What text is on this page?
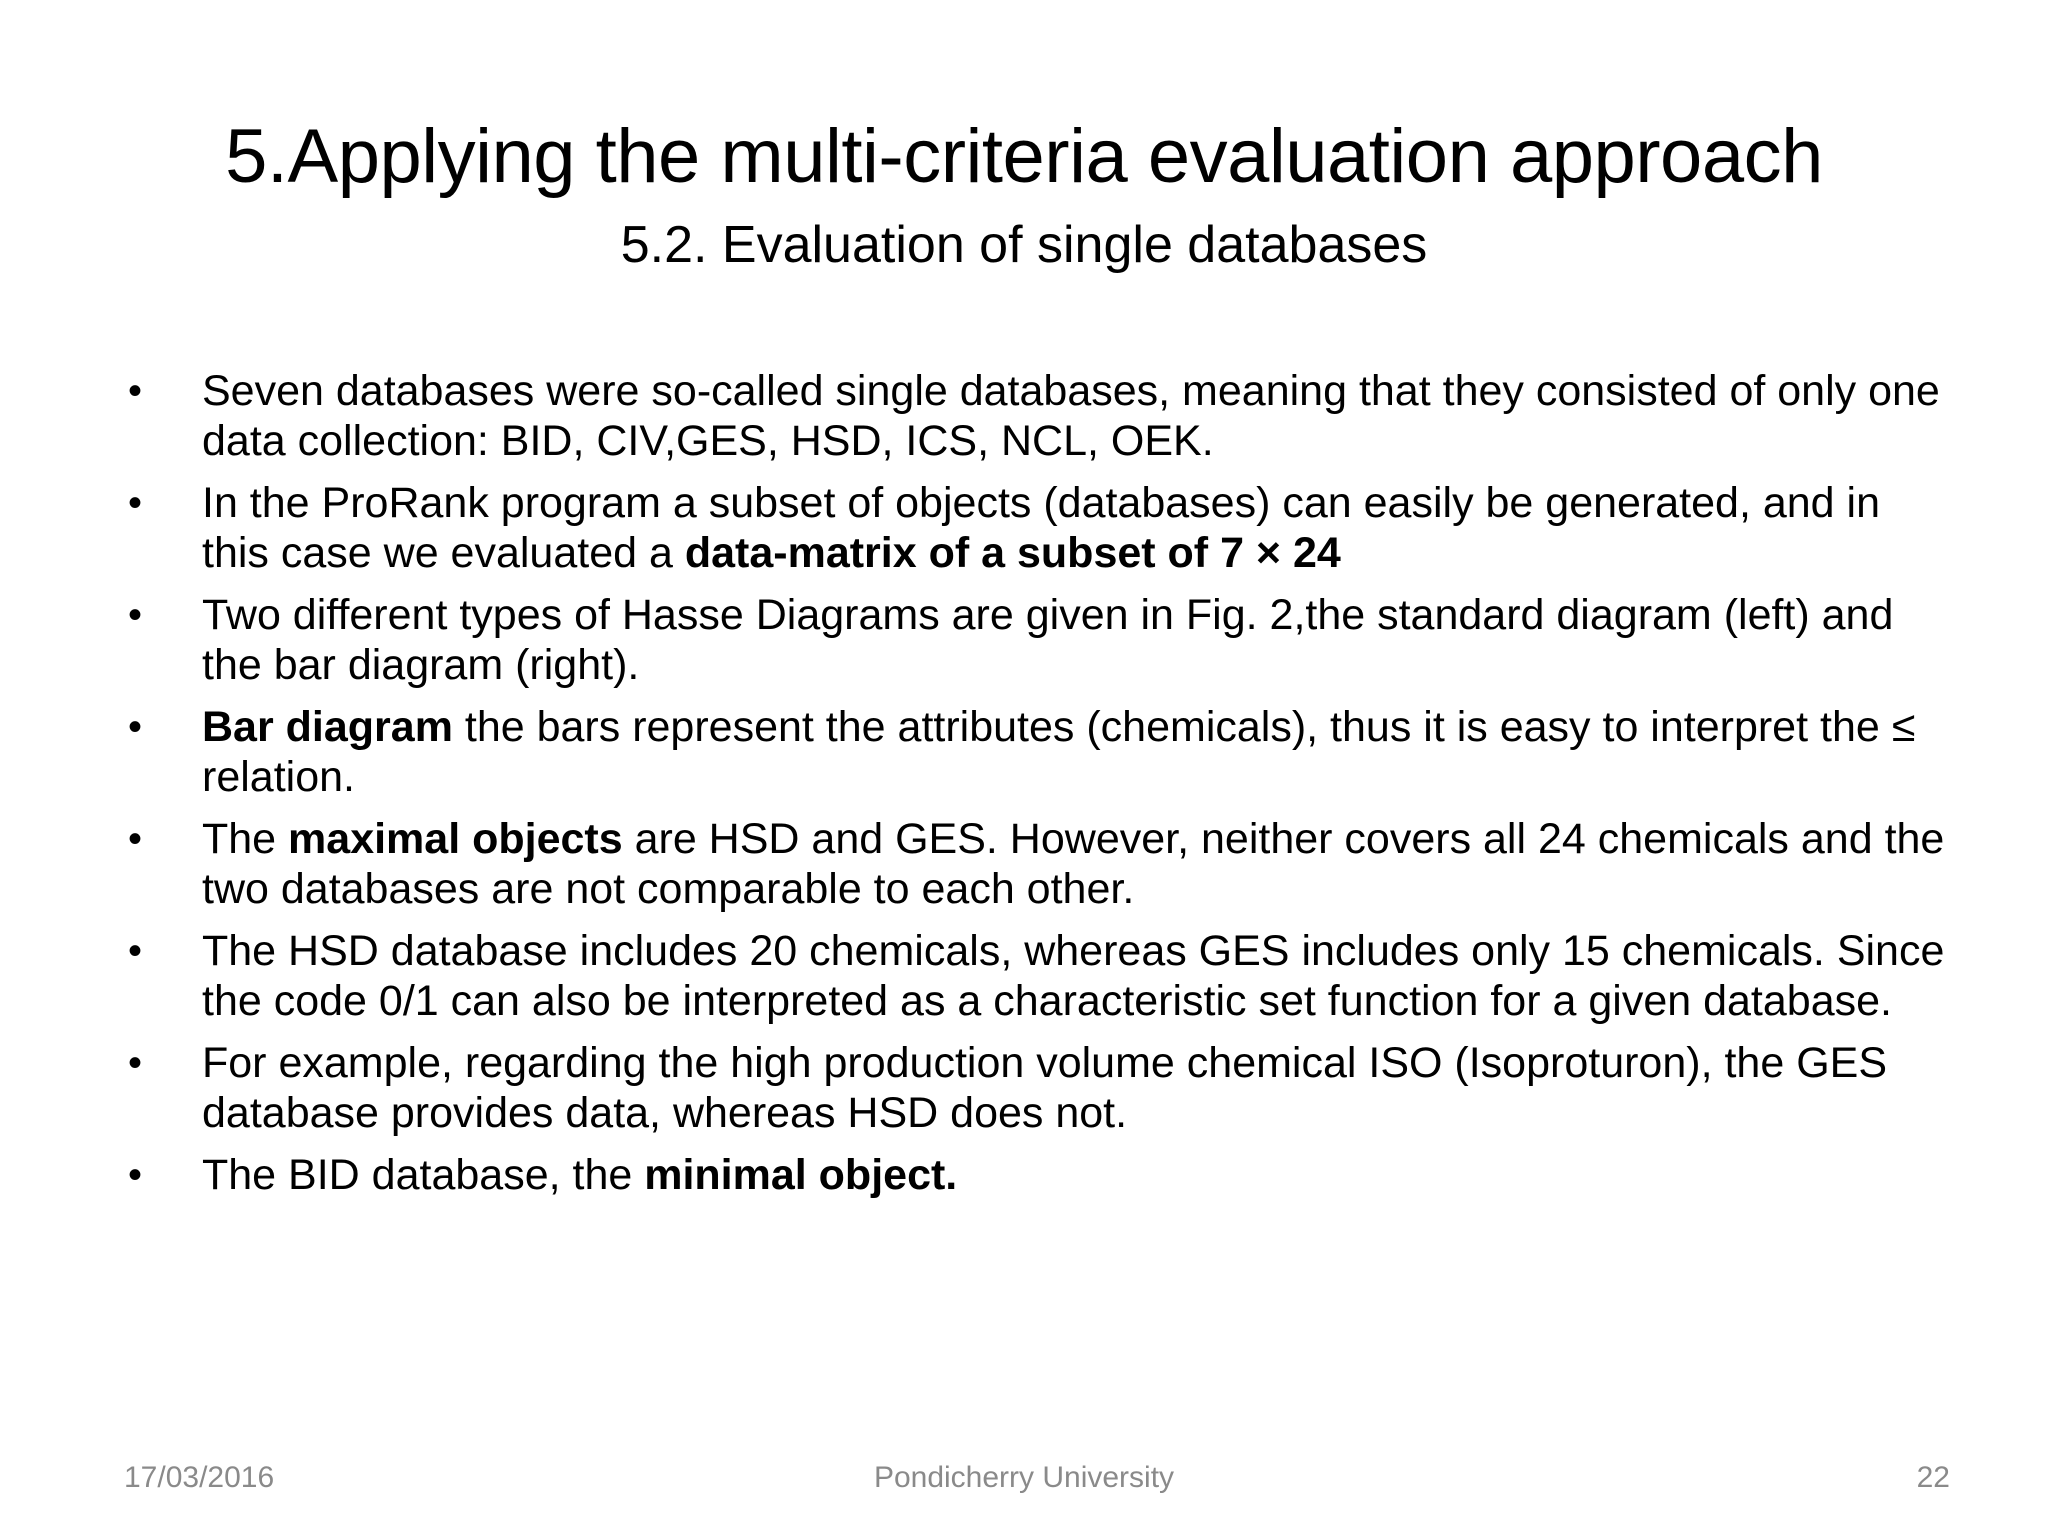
5.Applying the multi-criteria evaluation approach
5.2. Evaluation of single databases
• Seven databases were so-called single databases, meaning that they consisted of only one data collection: BID, CIV,GES, HSD, ICS, NCL, OEK.
• In the ProRank program a subset of objects (databases) can easily be generated, and in this case we evaluated a data-matrix of a subset of 7 × 24
• Two different types of Hasse Diagrams are given in Fig. 2,the standard diagram (left) and the bar diagram (right).
• Bar diagram the bars represent the attributes (chemicals), thus it is easy to interpret the ≤ relation.
• The maximal objects are HSD and GES. However, neither covers all 24 chemicals and the two databases are not comparable to each other.
• The HSD database includes 20 chemicals, whereas GES includes only 15 chemicals. Since the code 0/1 can also be interpreted as a characteristic set function for a given database.
• For example, regarding the high production volume chemical ISO (Isoproturon), the GES database provides data, whereas HSD does not.
• The BID database, the minimal object.
17/03/2016	Pondicherry University	22
